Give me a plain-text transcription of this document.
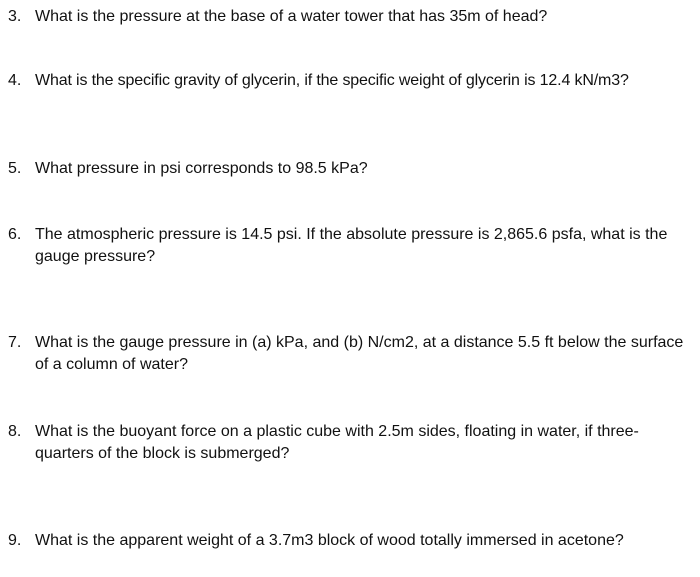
3. What is the pressure at the base of a water tower that has 35m of head?
4. What is the specific gravity of glycerin, if the specific weight of glycerin is 12.4 kN/m3?
5. What pressure in psi corresponds to 98.5 kPa?
6. The atmospheric pressure is 14.5 psi. If the absolute pressure is 2,865.6 psfa, what is the gauge pressure?
7. What is the gauge pressure in (a) kPa, and (b) N/cm2, at a distance 5.5 ft below the surface of a column of water?
8. What is the buoyant force on a plastic cube with 2.5m sides, floating in water, if three-quarters of the block is submerged?
9. What is the apparent weight of a 3.7m3 block of wood totally immersed in acetone?
